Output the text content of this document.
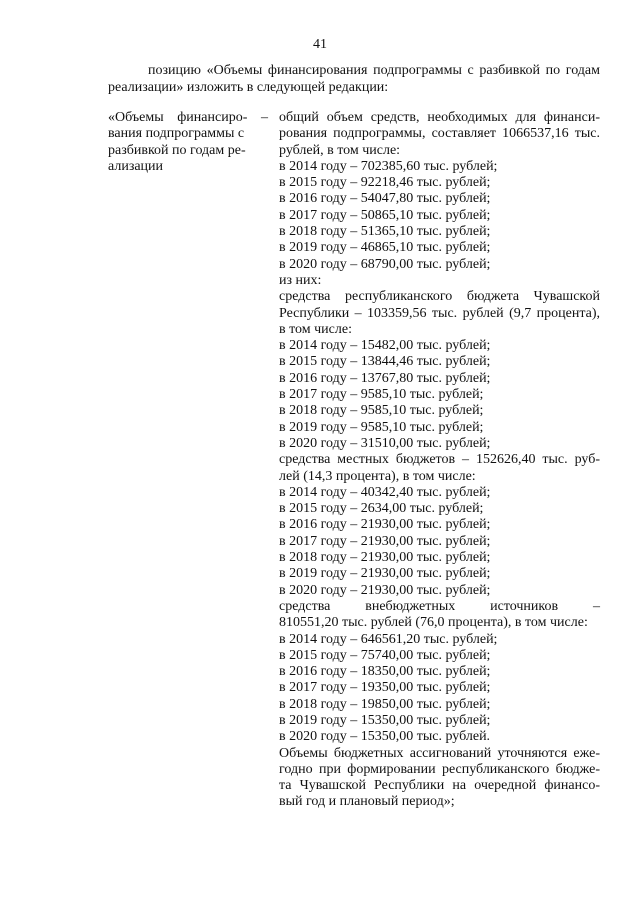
41
позицию «Объемы финансирования подпрограммы с разбивкой по годам
реализации» изложить в следующей редакции:
«Объемы финансиро- –
вания подпрограммы с
разбивкой по годам ре-
ализации
общий объем средств, необходимых для финанси-
рования подпрограммы, составляет 1066537,16 тыс.
рублей, в том числе:
в 2014 году – 702385,60 тыс. рублей;
в 2015 году – 92218,46 тыс. рублей;
в 2016 году – 54047,80 тыс. рублей;
в 2017 году – 50865,10 тыс. рублей;
в 2018 году – 51365,10 тыс. рублей;
в 2019 году – 46865,10 тыс. рублей;
в 2020 году – 68790,00 тыс. рублей;
из них:
средства республиканского бюджета Чувашской
Республики – 103359,56 тыс. рублей (9,7 процента),
в том числе:
в 2014 году – 15482,00 тыс. рублей;
в 2015 году – 13844,46 тыс. рублей;
в 2016 году – 13767,80 тыс. рублей;
в 2017 году – 9585,10 тыс. рублей;
в 2018 году – 9585,10 тыс. рублей;
в 2019 году – 9585,10 тыс. рублей;
в 2020 году – 31510,00 тыс. рублей;
средства местных бюджетов – 152626,40 тыс. руб-
лей (14,3 процента), в том числе:
в 2014 году – 40342,40 тыс. рублей;
в 2015 году – 2634,00 тыс. рублей;
в 2016 году – 21930,00 тыс. рублей;
в 2017 году – 21930,00 тыс. рублей;
в 2018 году – 21930,00 тыс. рублей;
в 2019 году – 21930,00 тыс. рублей;
в 2020 году – 21930,00 тыс. рублей;
средства внебюджетных источников –
810551,20 тыс. рублей (76,0 процента), в том числе:
в 2014 году – 646561,20 тыс. рублей;
в 2015 году – 75740,00 тыс. рублей;
в 2016 году – 18350,00 тыс. рублей;
в 2017 году – 19350,00 тыс. рублей;
в 2018 году – 19850,00 тыс. рублей;
в 2019 году – 15350,00 тыс. рублей;
в 2020 году – 15350,00 тыс. рублей.
Объемы бюджетных ассигнований уточняются еже-
годно при формировании республиканского бюдже-
та Чувашской Республики на очередной финансо-
вый год и плановый период»;
